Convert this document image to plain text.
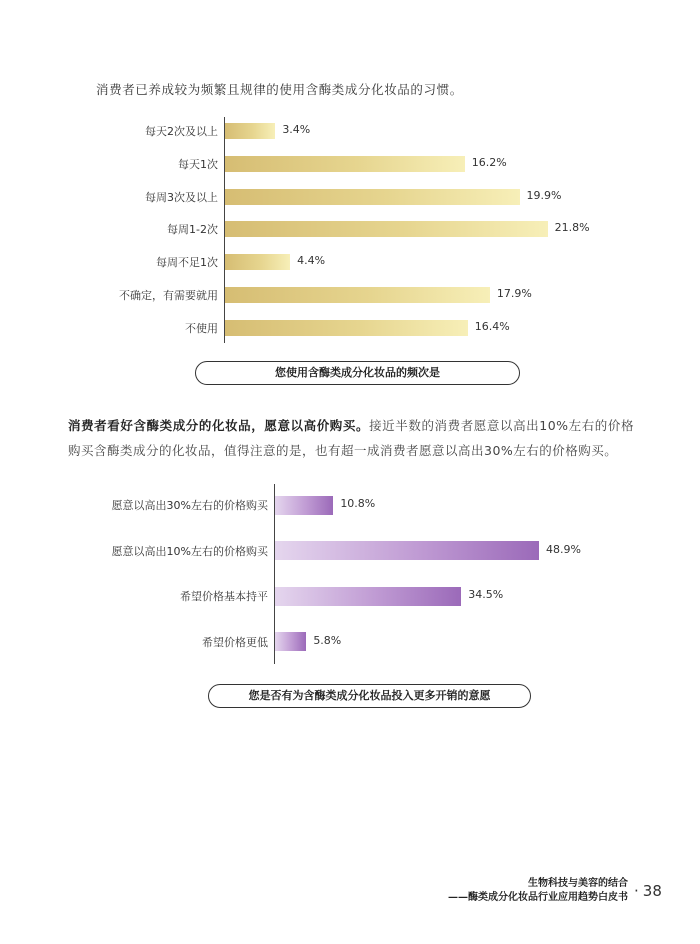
消费者已养成较为频繁且规律的使用含酶类成分化妆品的习惯。
每天2次及以上	3.4%
每天1次	16.2%
每周3次及以上	19.9%
每周1-2次	21.8%
每周不足1次	4.4%
不确定，有需要就用	17.9%
不使用	16.4%
您使用含酶类成分化妆品的频次是
消费者看好含酶类成分的化妆品，愿意以高价购买。接近半数的消费者愿意以高出10%左右的价格购买含酶类成分的化妆品，值得注意的是，也有超一成消费者愿意以高出30%左右的价格购买。
愿意以高出30%左右的价格购买	10.8%
愿意以高出10%左右的价格购买	48.9%
希望价格基本持平	34.5%
希望价格更低	5.8%
您是否有为含酶类成分化妆品投入更多开销的意愿
生物科技与美容的结合
——酶类成分化妆品行业应用趋势白皮书 · 38
